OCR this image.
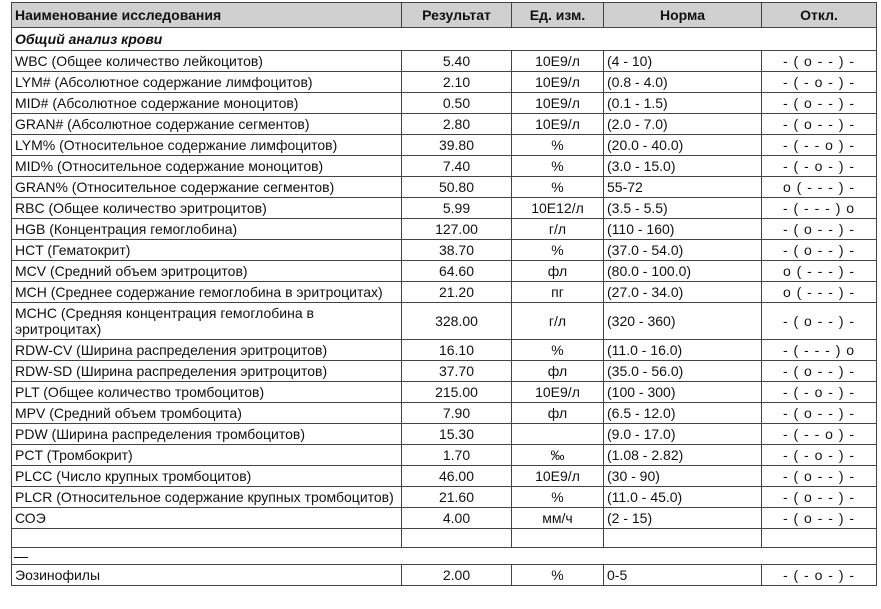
Наименование исследования	Результат	Ед. изм.	Норма	Откл.
Общий анализ крови				
WBC (Общее количество лейкоцитов)	5.40	10E9/л	(4 - 10)	- ( o - - ) -
LYM# (Абсолютное содержание лимфоцитов)	2.10	10E9/л	(0.8 - 4.0)	- ( - o - ) -
MID# (Абсолютное содержание моноцитов)	0.50	10E9/л	(0.1 - 1.5)	- ( o - - ) -
GRAN# (Абсолютное содержание сегментов)	2.80	10E9/л	(2.0 - 7.0)	- ( o - - ) -
LYM% (Относительное содержание лимфоцитов)	39.80	%	(20.0 - 40.0)	- ( - - o ) -
MID% (Относительное содержание моноцитов)	7.40	%	(3.0 - 15.0)	- ( - o - ) -
GRAN% (Относительное содержание сегментов)	50.80	%	55-72	o ( - - - ) -
RBC (Общее количество эритроцитов)	5.99	10E12/л	(3.5 - 5.5)	- ( - - - ) o
HGB (Концентрация гемоглобина)	127.00	г/л	(110 - 160)	- ( o - - ) -
HCT (Гематокрит)	38.70	%	(37.0 - 54.0)	- ( o - - ) -
MCV (Средний объем эритроцитов)	64.60	фл	(80.0 - 100.0)	o ( - - - ) -
MCH (Среднее содержание гемоглобина в эритроцитах)	21.20	пг	(27.0 - 34.0)	o ( - - - ) -
MCHC (Средняя концентрация гемоглобина в эритроцитах)	328.00	г/л	(320 - 360)	- ( o - - ) -
RDW-CV (Ширина распределения эритроцитов)	16.10	%	(11.0 - 16.0)	- ( - - - ) o
RDW-SD (Ширина распределения эритроцитов)	37.70	фл	(35.0 - 56.0)	- ( o - - ) -
PLT (Общее количество тромбоцитов)	215.00	10E9/л	(100 - 300)	- ( - o - ) -
MPV (Средний объем тромбоцита)	7.90	фл	(6.5 - 12.0)	- ( o - - ) -
PDW (Ширина распределения тромбоцитов)	15.30		(9.0 - 17.0)	- ( - - o ) -
PCT (Тромбокрит)	1.70	‰	(1.08 - 2.82)	- ( - o - ) -
PLCC (Число крупных тромбоцитов)	46.00	10E9/л	(30 - 90)	- ( o - - ) -
PLCR (Относительное содержание крупных тромбоцитов)	21.60	%	(11.0 - 45.0)	- ( o - - ) -
СОЭ	4.00	мм/ч	(2 - 15)	- ( o - - ) -

Эозинофилы	2.00	%	0-5	- ( - o - ) -
